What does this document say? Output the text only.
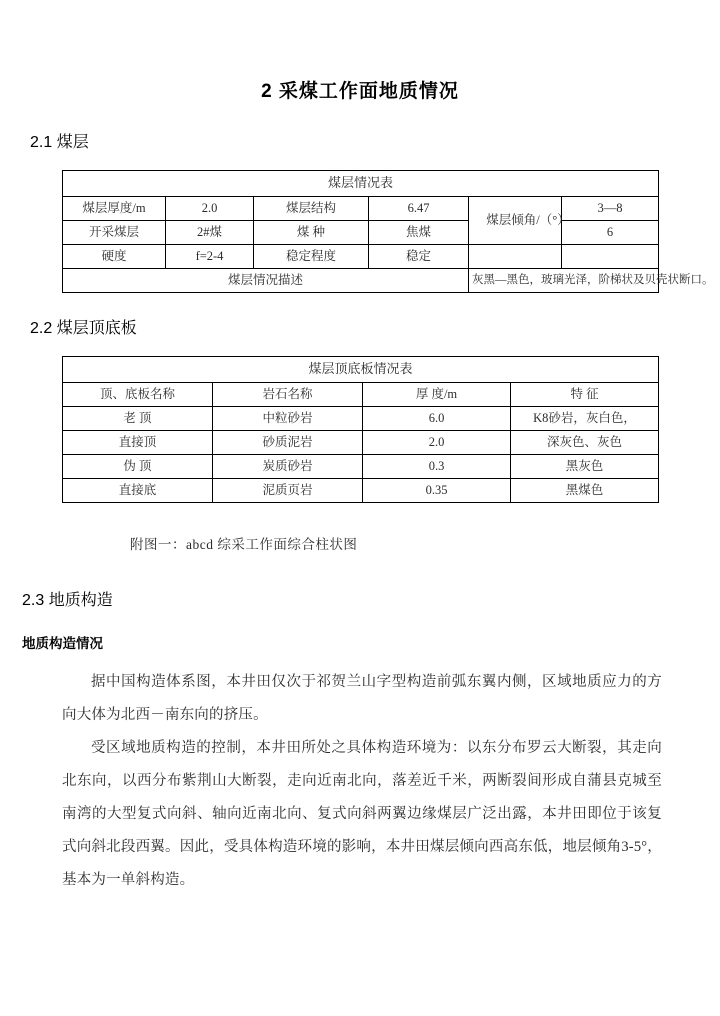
2 采煤工作面地质情况
2.1 煤层
煤层情况表					
煤层厚度/m	2.0	煤层结构	6.47	煤层倾角/（°）	3—8
开采煤层	2#煤	煤 种	焦煤		6
硬度	f=2-4	稳定程度	稳定		
煤层情况描述				灰黑—黑色，玻璃光泽，阶梯状及贝壳状断口。	
2.2 煤层顶底板
煤层顶底板情况表			
顶、底板名称	岩石名称	厚 度/m	特 征
老 顶	中粒砂岩	6.0	K8砂岩，灰白色，
直接顶	砂质泥岩	2.0	深灰色、灰色
伪 顶	炭质砂岩	0.3	黑灰色
直接底	泥质页岩	0.35	黑煤色

附图一：abcd 综采工作面综合柱状图

2.3 地质构造
地质构造情况

据中国构造体系图，本井田仅次于祁贺兰山字型构造前弧东翼内侧，区域地质应力的方向大体为北西－南东向的挤压。

受区域地质构造的控制，本井田所处之具体构造环境为：以东分布罗云大断裂，其走向北东向，以西分布紫荆山大断裂，走向近南北向，落差近千米，两断裂间形成自蒲县克城至南湾的大型复式向斜、轴向近南北向、复式向斜两翼边缘煤层广泛出露，本井田即位于该复式向斜北段西翼。因此，受具体构造环境的影响，本井田煤层倾向西高东低，地层倾角3-5°，基本为一单斜构造。
